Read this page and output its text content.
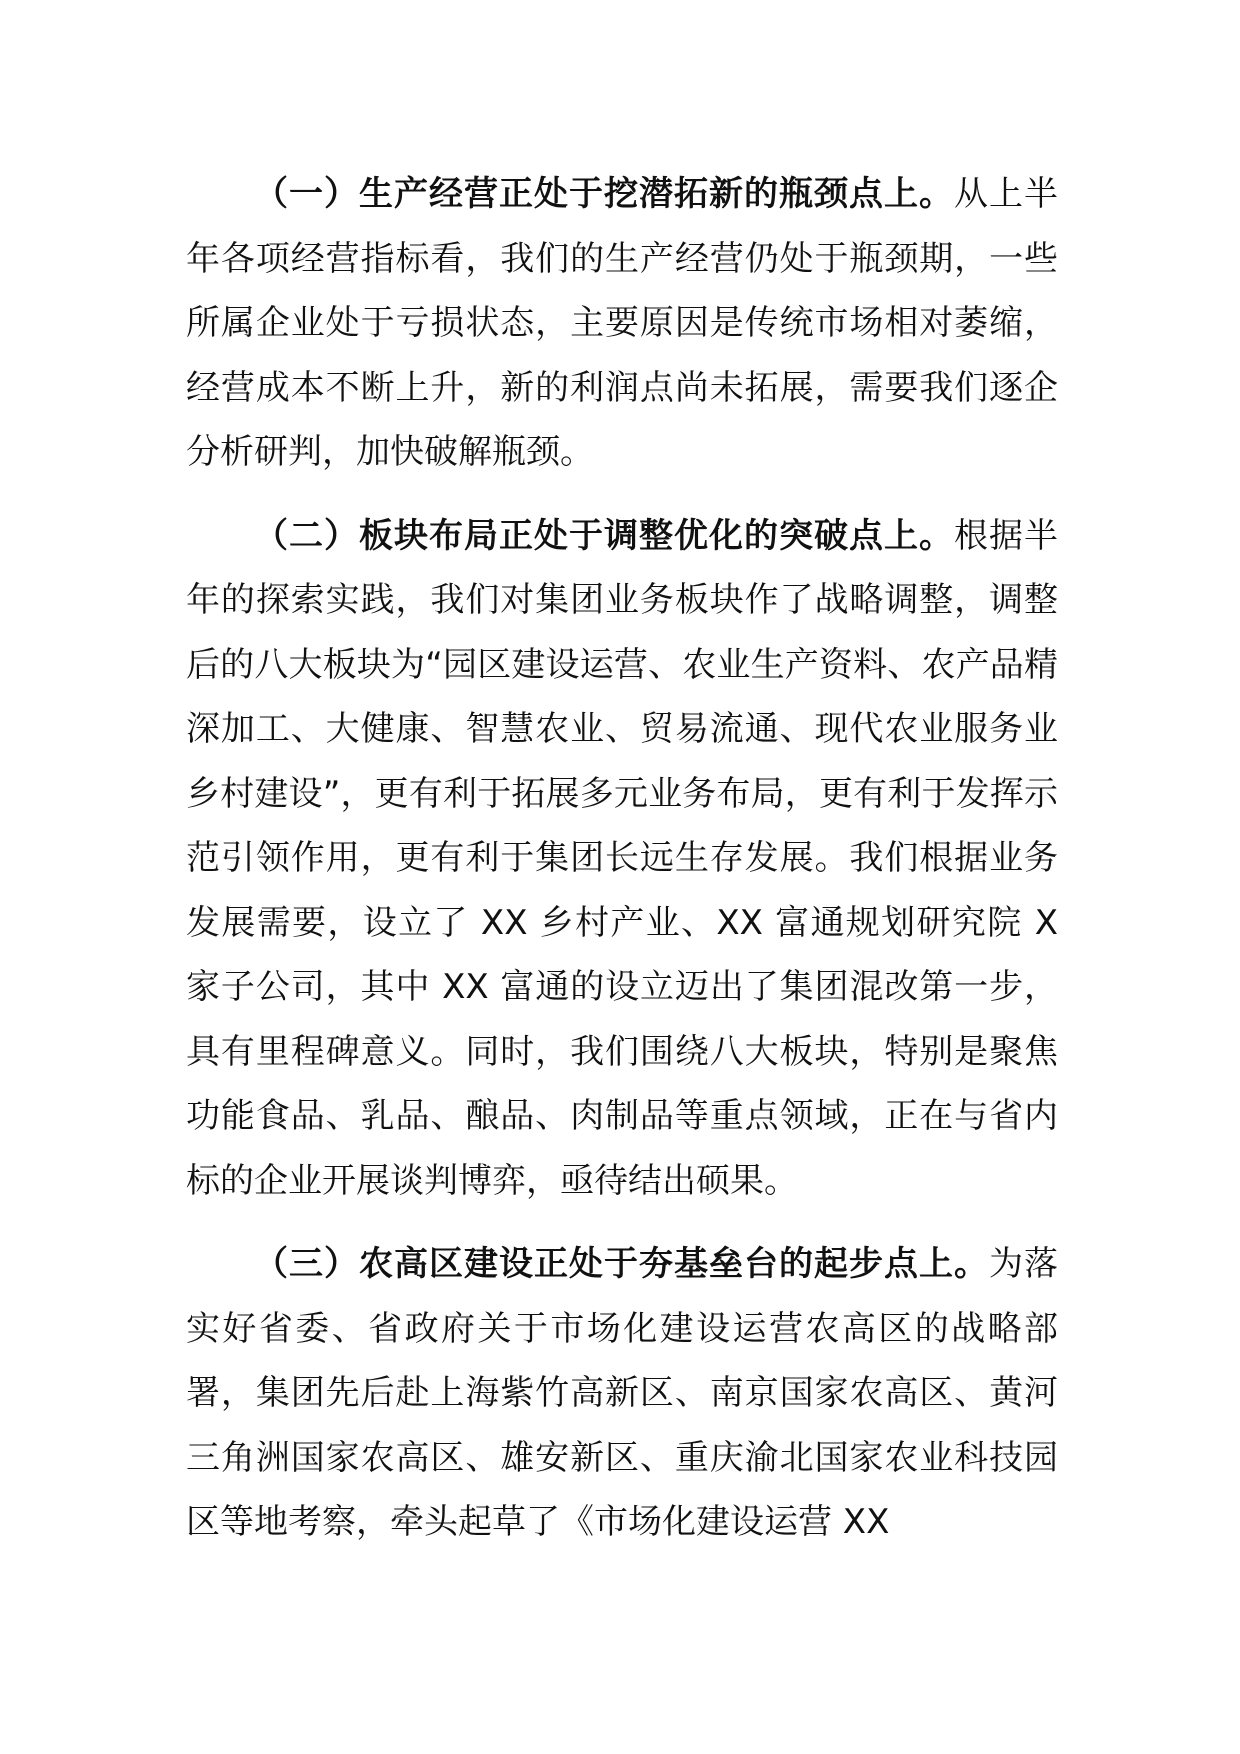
（一）生产经营正处于挖潜拓新的瓶颈点上。从上半年各项经营指标看，我们的生产经营仍处于瓶颈期，一些所属企业处于亏损状态，主要原因是传统市场相对萎缩，经营成本不断上升，新的利润点尚未拓展，需要我们逐企分析研判，加快破解瓶颈。

（二）板块布局正处于调整优化的突破点上。根据半年的探索实践，我们对集团业务板块作了战略调整，调整后的八大板块为“园区建设运营、农业生产资料、农产品精深加工、大健康、智慧农业、贸易流通、现代农业服务业乡村建设”，更有利于拓展多元业务布局，更有利于发挥示范引领作用，更有利于集团长远生存发展。我们根据业务发展需要，设立了 XX 乡村产业、XX 富通规划研究院 X 家子公司，其中 XX 富通的设立迈出了集团混改第一步，具有里程碑意义。同时，我们围绕八大板块，特别是聚焦功能食品、乳品、酿品、肉制品等重点领域，正在与省内标的企业开展谈判博弈，亟待结出硕果。

（三）农高区建设正处于夯基垒台的起步点上。为落实好省委、省政府关于市场化建设运营农高区的战略部署，集团先后赴上海紫竹高新区、南京国家农高区、黄河三角洲国家农高区、雄安新区、重庆渝北国家农业科技园区等地考察，牵头起草了《市场化建设运营 XX
